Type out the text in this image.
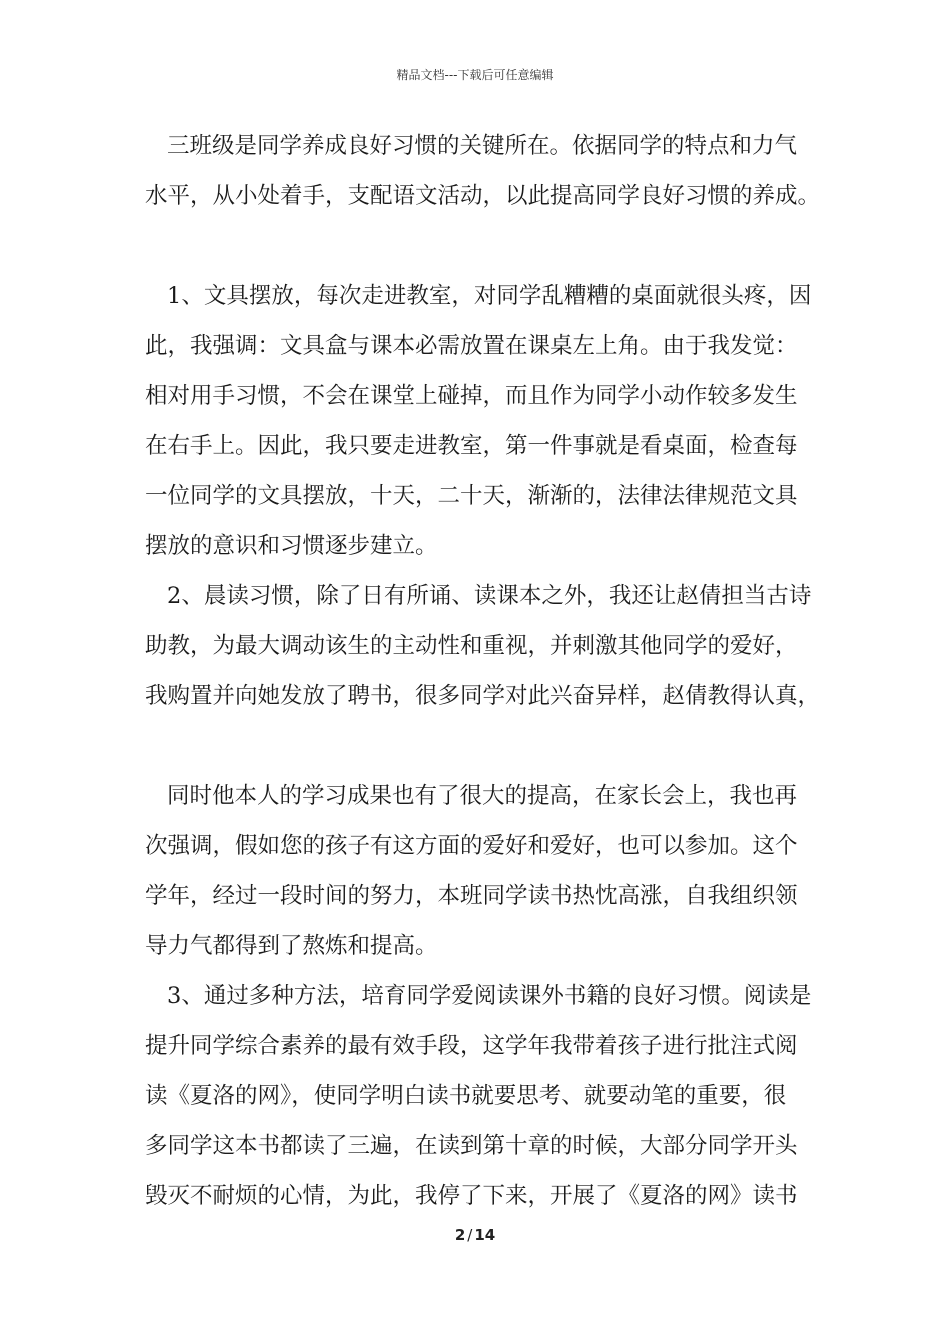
精品文档---下载后可任意编辑
三班级是同学养成良好习惯的关键所在。依据同学的特点和力气
水平，从小处着手，支配语文活动，以此提高同学良好习惯的养成。
1、文具摆放，每次走进教室，对同学乱糟糟的桌面就很头疼，因
此，我强调：文具盒与课本必需放置在课桌左上角。由于我发觉：
相对用手习惯，不会在课堂上碰掉，而且作为同学小动作较多发生
在右手上。因此，我只要走进教室，第一件事就是看桌面，检查每
一位同学的文具摆放，十天，二十天，渐渐的，法律法律规范文具
摆放的意识和习惯逐步建立。
2、晨读习惯，除了日有所诵、读课本之外，我还让赵倩担当古诗
助教，为最大调动该生的主动性和重视，并刺激其他同学的爱好，
我购置并向她发放了聘书，很多同学对此兴奋异样，赵倩教得认真，
同时他本人的学习成果也有了很大的提高，在家长会上，我也再
次强调，假如您的孩子有这方面的爱好和爱好，也可以参加。这个
学年，经过一段时间的努力，本班同学读书热忱高涨，自我组织领
导力气都得到了熬炼和提高。
3、通过多种方法，培育同学爱阅读课外书籍的良好习惯。阅读是
提升同学综合素养的最有效手段，这学年我带着孩子进行批注式阅
读《夏洛的网》，使同学明白读书就要思考、就要动笔的重要，很
多同学这本书都读了三遍，在读到第十章的时候，大部分同学开头
毁灭不耐烦的心情，为此，我停了下来，开展了《夏洛的网》读书
2 / 14
